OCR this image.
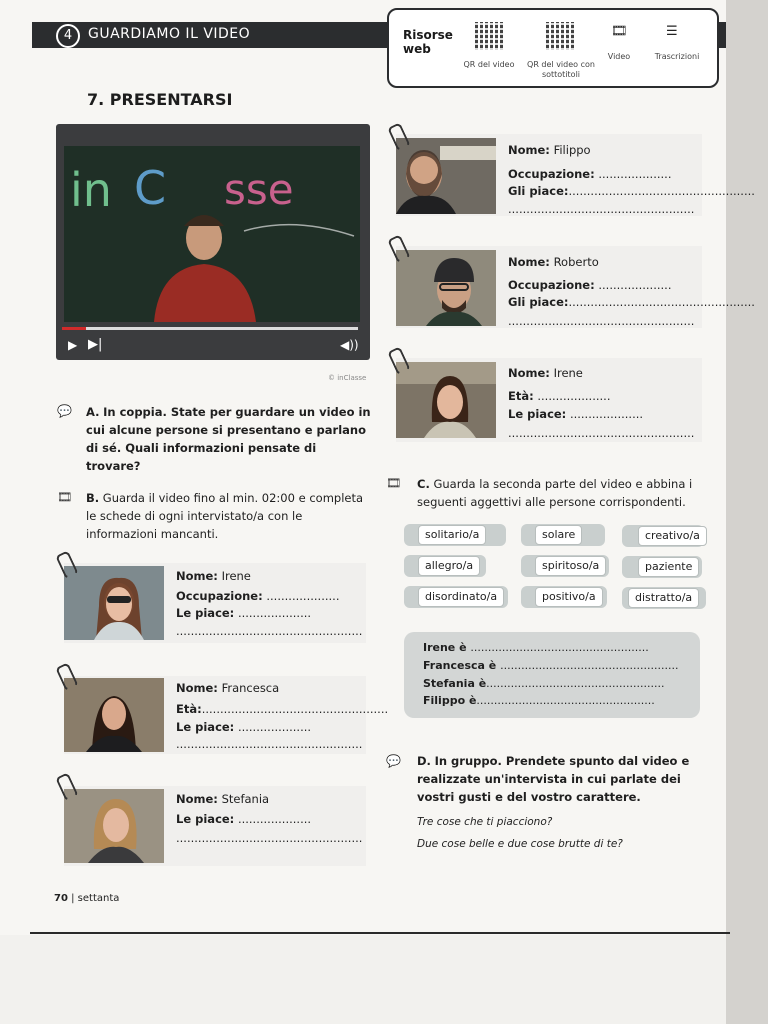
4	GUARDIAMO IL VIDEO	Risorse web
QR del video	QR del video con sottotitoli
🎞
Video
☰
Trascrizioni
7. PRESENTARSI
in C sse
▶ ▶|	◀))
© inClasse
💬 A. In coppia. State per guardare un video in cui alcune persone si presentano e parlano di sé. Quali informazioni pensate di trovare?
🎞 B. Guarda il video fino al min. 02:00 e completa le schede di ogni intervistato/a con le informazioni mancanti.
Nome: Irene
Occupazione: ....................
Le piace: ....................
...................................................
Nome: Francesca
Età:...................................................
Le piace: ....................
...................................................
Nome: Stefania
Le piace: ....................
...................................................
Nome: Filippo
Occupazione: ....................
Gli piace:...................................................
...................................................
Nome: Roberto
Occupazione: ....................
Gli piace:...................................................
...................................................
Nome: Irene
Età: ....................
Le piace: ....................
...................................................
🎞 C. Guarda la seconda parte del video e abbina i seguenti aggettivi alle persone corrispondenti.
solitario/a	solare	creativo/a
allegro/a	spiritoso/a	paziente
disordinato/a	positivo/a	distratto/a
Irene è ...................................................
Francesca è ...................................................
Stefania è...................................................
Filippo è...................................................
💬 D. In gruppo. Prendete spunto dal video e realizzate un'intervista in cui parlate dei vostri gusti e del vostro carattere.
Tre cose che ti piacciono?
Due cose belle e due cose brutte di te?
70 | settanta
